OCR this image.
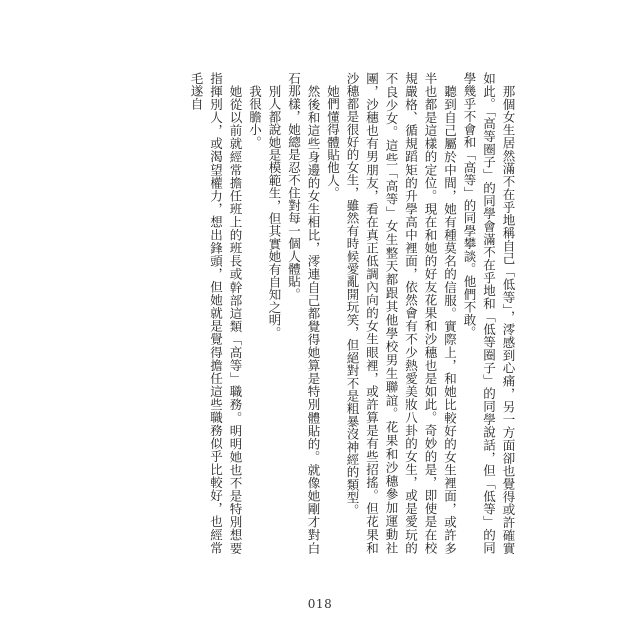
那個女生居然滿不在乎地稱自己「低等」，澪感到心痛，另一方面卻也覺得或許確實如此。「高等圈子」的同學會滿不在乎地和「低等圈子」的同學說話，但「低等」的同學幾乎不會和「高等」的同學攀談。他們不敢。

聽到自己屬於中間，她有種莫名的信服。實際上，和她比較好的女生裡面，或許多半也都是這樣的定位。現在和她的好友花果和沙穗也是如此。奇妙的是，即使是在校規嚴格、循規蹈矩的升學高中裡面，依然會有不少熱愛美妝八卦的女生，或是愛玩的不良少女。這些「高等」女生整天都跟其他學校男生聯誼。花果和沙穗參加運動社團，沙穗也有男朋友，看在真正低調內向的女生眼裡，或許算是有些招搖。但花果和沙穗都是很好的女生，雖然有時候愛亂開玩笑，但絕對不是粗暴沒神經的類型。

她們懂得體貼他人。

然後和這些身邊的女生相比，澪連自己都覺得她算是特別體貼的。就像她剛才對白石那樣，她總是忍不住對每一個人體貼。

別人都說她是模範生，但其實她有自知之明。

我很膽小。

她從以前就經常擔任班上的班長或幹部這類「高等」職務。明明她也不是特別想要指揮別人，或渴望權力，想出鋒頭，但她就是覺得擔任這些職務似乎比較好，也經常毛遂自

018
